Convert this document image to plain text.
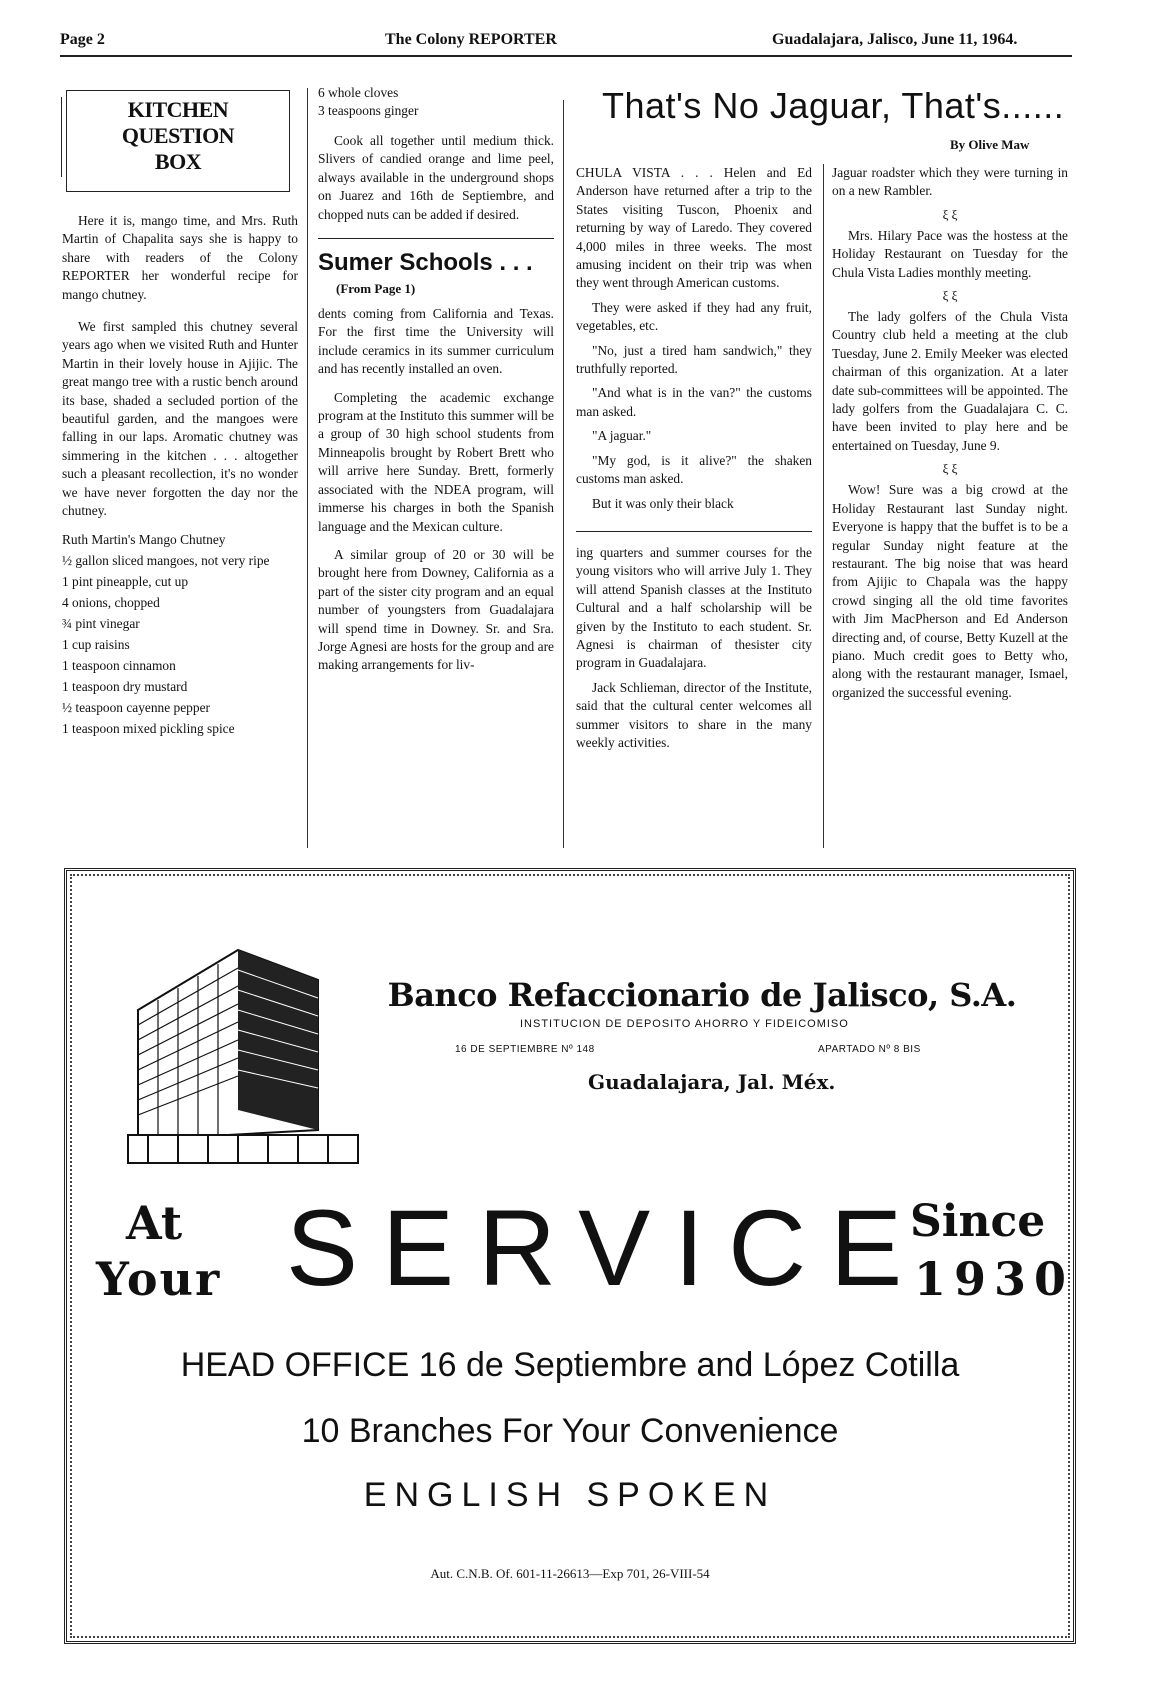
Page 2	The Colony REPORTER	Guadalajara, Jalisco, June 11, 1964.
KITCHEN
QUESTION
BOX

Here it is, mango time, and Mrs. Ruth Martin of Chapalita says she is happy to share with readers of the Colony REPORTER her wonderful recipe for mango chutney.

We first sampled this chutney several years ago when we visited Ruth and Hunter Martin in their lovely house in Ajijic. The great mango tree with a rustic bench around its base, shaded a secluded portion of the beautiful garden, and the mangoes were falling in our laps. Aromatic chutney was simmering in the kitchen . . . altogether such a pleasant recollection, it's no wonder we have never forgotten the day nor the chutney.

Ruth Martin's Mango Chutney

½ gallon sliced mangoes, not very ripe

1 pint pineapple, cut up

4 onions, chopped

¾ pint vinegar

1 cup raisins

1 teaspoon cinnamon

1 teaspoon dry mustard

½ teaspoon cayenne pepper

1 teaspoon mixed pickling spice

6 whole cloves

3 teaspoons ginger

Cook all together until medium thick. Slivers of candied orange and lime peel, always available in the underground shops on Juarez and 16th de Septiembre, and chopped nuts can be added if desired.

Sumer Schools . . .
(From Page 1)

dents coming from California and Texas. For the first time the University will include ceramics in its summer curriculum and has recently installed an oven.

Completing the academic exchange program at the Instituto this summer will be a group of 30 high school students from Minneapolis brought by Robert Brett who will arrive here Sunday. Brett, formerly associated with the NDEA program, will immerse his charges in both the Spanish language and the Mexican culture.

A similar group of 20 or 30 will be brought here from Downey, California as a part of the sister city program and an equal number of youngsters from Guadalajara will spend time in Downey. Sr. and Sra. Jorge Agnesi are hosts for the group and are making arrangements for liv-

That's No Jaguar, That's......
By Olive Maw

CHULA VISTA . . . Helen and Ed Anderson have returned after a trip to the States visiting Tuscon, Phoenix and returning by way of Laredo. They covered 4,000 miles in three weeks. The most amusing incident on their trip was when they went through American customs.

They were asked if they had any fruit, vegetables, etc.

"No, just a tired ham sandwich," they truthfully reported.

"And what is in the van?" the customs man asked.

"A jaguar."

"My god, is it alive?" the shaken customs man asked.

But it was only their black

ing quarters and summer courses for the young visitors who will arrive July 1. They will attend Spanish classes at the Instituto Cultural and a half scholarship will be given by the Instituto to each student. Sr. Agnesi is chairman of thesister city program in Guadalajara.

Jack Schlieman, director of the Institute, said that the cultural center welcomes all summer visitors to share in the many weekly activities.

Jaguar roadster which they were turning in on a new Rambler.

ξ ξ

Mrs. Hilary Pace was the hostess at the Holiday Restaurant on Tuesday for the Chula Vista Ladies monthly meeting.

ξ ξ

The lady golfers of the Chula Vista Country club held a meeting at the club Tuesday, June 2. Emily Meeker was elected chairman of this organization. At a later date sub-committees will be appointed. The lady golfers from the Guadalajara C. C. have been invited to play here and be entertained on Tuesday, June 9.

ξ ξ

Wow! Sure was a big crowd at the Holiday Restaurant last Sunday night. Everyone is happy that the buffet is to be a regular Sunday night feature at the restaurant. The big noise that was heard from Ajijic to Chapala was the happy crowd singing all the old time favorites with Jim MacPherson and Ed Anderson directing and, of course, Betty Kuzell at the piano. Much credit goes to Betty who, along with the restaurant manager, Ismael, organized the successful evening.

Banco Refaccionario de Jalisco, S.A.
INSTITUCION DE DEPOSITO AHORRO Y FIDEICOMISO
16 DE SEPTIEMBRE Nº 148	APARTADO Nº 8 BIS
Guadalajara, Jal. Méx.
At
Your SERVICE
Since
1930
HEAD OFFICE 16 de Septiembre and López Cotilla
10 Branches For Your Convenience
ENGLISH SPOKEN
Aut. C.N.B. Of. 601-11-26613—Exp 701, 26-VIII-54
